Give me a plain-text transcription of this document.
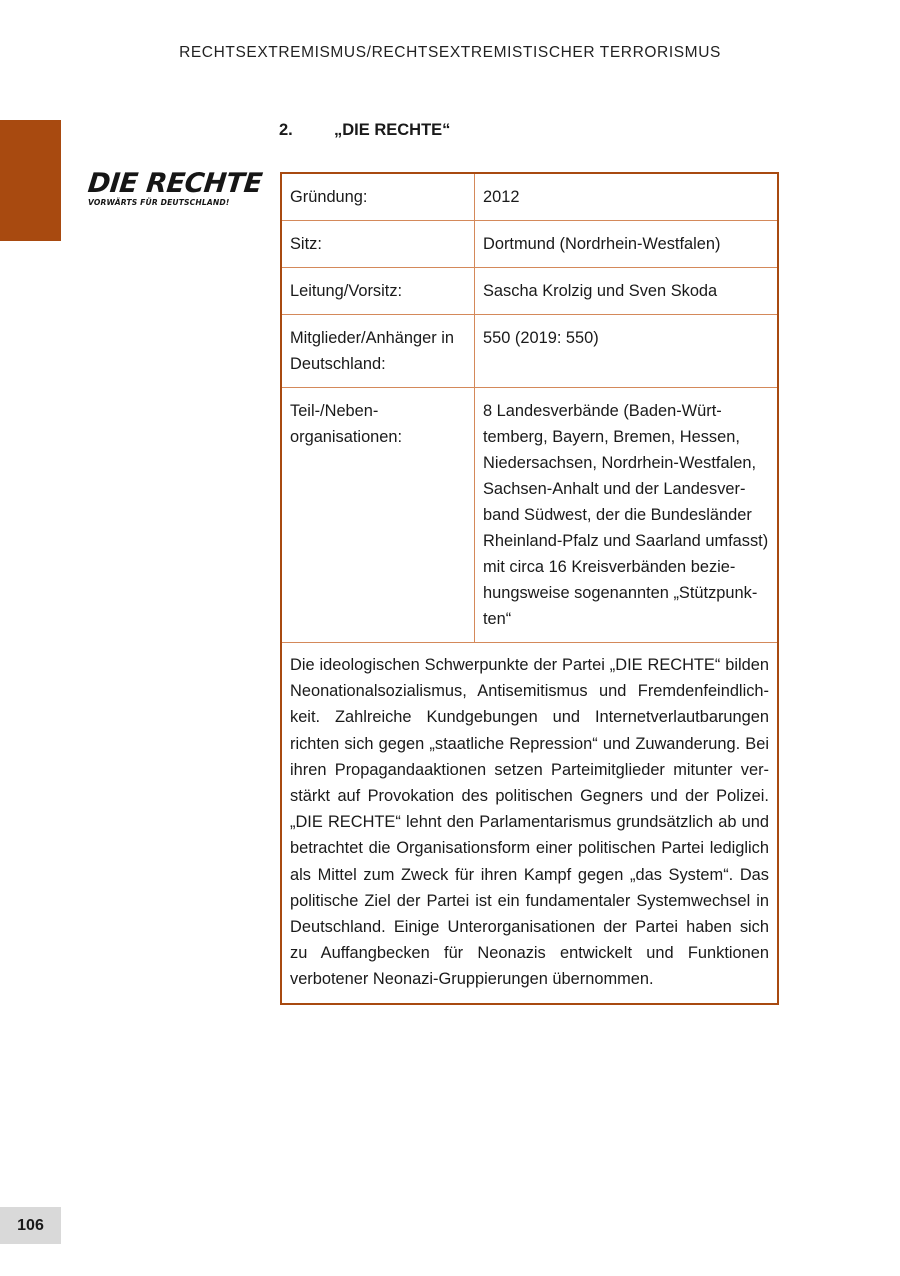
RECHTSEXTREMISMUS/RECHTSEXTREMISTISCHER TERRORISMUS
DIE RECHTE
VORWÄRTS FÜR DEUTSCHLAND!
2. „DIE RECHTE“
Gründung:	2012
Sitz:	Dortmund (Nordrhein-Westfalen)
Leitung/Vorsitz:	Sascha Krolzig und Sven Skoda
Mitglieder/Anhänger in Deutschland:
550 (2019: 550)
Teil-/Nebenorganisationen:
8 Landesverbände (Baden-Württemberg, Bayern, Bremen, Hessen, Niedersachsen, Nordrhein-Westfalen, Sachsen-Anhalt und der Landesverband Südwest, der die Bundesländer Rheinland-Pfalz und Saarland umfasst) mit circa 16 Kreisverbänden beziehungsweise sogenannten „Stützpunkten“
Die ideologischen Schwerpunkte der Partei „DIE RECHTE“ bilden Neonationalsozialismus, Antisemitismus und Fremdenfeindlichkeit. Zahlreiche Kundgebungen und Internetverlautbarungen richten sich gegen „staatliche Repression“ und Zuwanderung. Bei ihren Propagandaaktionen setzen Parteimitglieder mitunter verstärkt auf Provokation des politischen Gegners und der Polizei. „DIE RECHTE“ lehnt den Parlamentarismus grundsätzlich ab und betrachtet die Organisationsform einer politischen Partei lediglich als Mittel zum Zweck für ihren Kampf gegen „das System“. Das politische Ziel der Partei ist ein fundamentaler Systemwechsel in Deutschland. Einige Unterorganisationen der Partei haben sich zu Auffangbecken für Neonazis entwickelt und Funktionen verbotener Neonazi-Gruppierungen übernommen.
106
